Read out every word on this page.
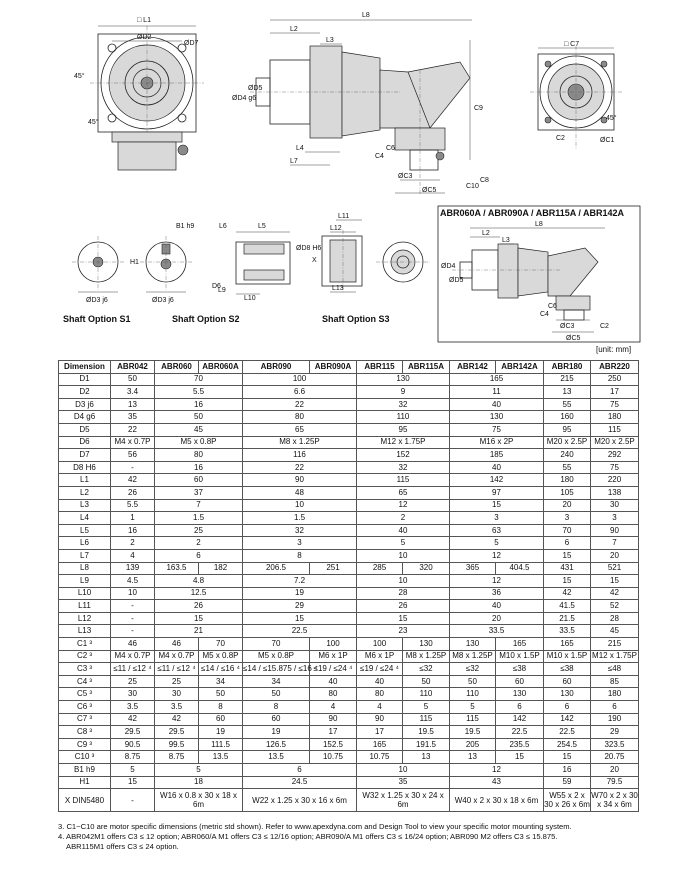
□ L1
ØD2
ØD7
45°
45°
L8
L2
L3
ØD4 g6
ØD5
L4
L7
C4
C6
C9
ØC3
ØC5
C10
C8
□ C7
C2	ØC1
45°
ØD3 j6
Shaft Option S1
B1 h9
H1
ØD3 j6
D6
L6	L5
L9
L10
Shaft Option S2
L11
L12
X
ØD8 H6
L13
Shaft Option S3
ABR060A / ABR090A / ABR115A / ABR142A
L8
L2
L3
ØD4
ØD5
C4
C6
ØC3
ØC5
C2
[unit: mm]
Dimension	ABR042	ABR060	ABR060A	ABR090	ABR090A	ABR115	ABR115A	ABR142	ABR142A	ABR180	ABR220
D1	50	70		100		130		165		215	250
D2	3.4	5.5		6.6		9		11		13	17
D3 j6	13	16		22		32		40		55	75
D4 g6	35	50		80		110		130		160	180
D5	22	45		65		95		75		95	115
D6	M4 x 0.7P	M5 x 0.8P		M8 x 1.25P		M12 x 1.75P		M16 x 2P		M20 x 2.5P	M20 x 2.5P
D7	56	80		116		152		185		240	292
D8 H6	-	16		22		32		40		55	75
L1	42	60		90		115		142		180	220
L2	26	37		48		65		97		105	138
L3	5.5	7		10		12		15		20	30
L4	1	1.5		1.5		2		3		3	3
L5	16	25		32		40		63		70	90
L6	2	2		3		5		5		6	7
L7	4	6		8		10		12		15	20
L8	139	163.5	182	206.5	251	285	320	365	404.5	431	521
L9	4.5	4.8		7.2		10		12		15	15
L10	10	12.5		19		28		36		42	42
L11	-	26		29		26		40		41.5	52
L12	-	15		15		15		20		21.5	28
L13	-	21		22.5		23		33.5		33.5	45
C1 ³	46	46	70	70	100	100	130	130	165	165	215
C2 ³	M4 x 0.7P	M4 x 0.7P	M5 x 0.8P	M5 x 0.8P	M6 x 1P	M6 x 1P	M8 x 1.25P	M8 x 1.25P	M10 x 1.5P	M10 x 1.5P	M12 x 1.75P
C3 ³	≤11 / ≤12 ⁴	≤11 / ≤12 ⁴	≤14 / ≤16 ⁴	≤14 / ≤15.875 / ≤16 ⁴	≤19 / ≤24 ⁴	≤19 / ≤24 ⁴	≤32	≤32	≤38	≤38	≤48
C4 ³	25	25	34	34	40	40	50	50	60	60	85
C5 ³	30	30	50	50	80	80	110	110	130	130	180
C6 ³	3.5	3.5	8	8	4	4	5	5	6	6	6
C7 ³	42	42	60	60	90	90	115	115	142	142	190
C8 ³	29.5	29.5	19	19	17	17	19.5	19.5	22.5	22.5	29
C9 ³	90.5	99.5	111.5	126.5	152.5	165	191.5	205	235.5	254.5	323.5
C10 ³	8.75	8.75	13.5	13.5	10.75	10.75	13	13	15	15	20.75
B1 h9	5	5		6		10		12		16	20
H1	15	18		24.5		35		43		59	79.5
X DIN5480	-	W16 x 0.8 x 30 x 18 x 6m		W22 x 1.25 x 30 x 16 x 6m		W32 x 1.25 x 30 x 24 x 6m		W40 x 2 x 30 x 18 x 6m		W55 x 2 x 30 x 26 x 6m	W70 x 2 x 30 x 34 x 6m
3. C1~C10 are motor specific dimensions (metric std shown). Refer to www.apexdyna.com and Design Tool to view your specific motor mounting system.
4. ABR042M1 offers C3 ≤ 12 option; ABR060/A M1 offers C3 ≤ 12/16 option; ABR090/A M1 offers C3 ≤ 16/24 option; ABR090 M2 offers C3 ≤ 15.875.
ABR115M1 offers C3 ≤ 24 option.
